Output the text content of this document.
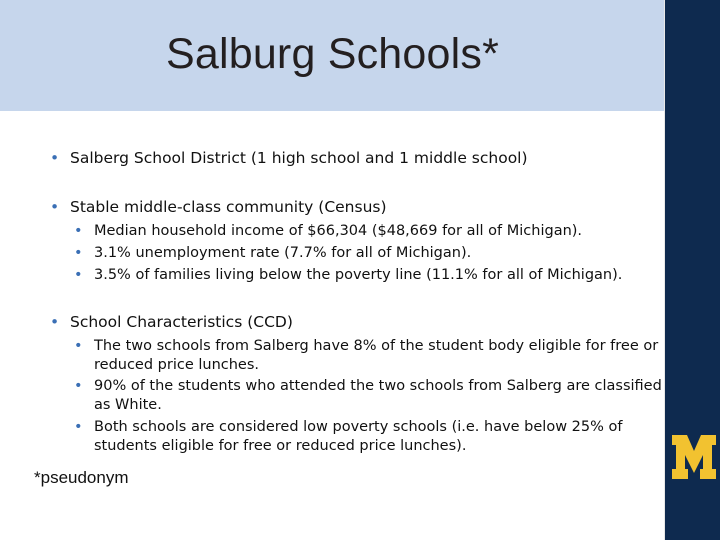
Salburg Schools*
• Salberg School District (1 high school and 1 middle school)
• Stable middle-class community (Census)
• Median household income of $66,304 ($48,669 for all of Michigan).
• 3.1% unemployment rate (7.7% for all of Michigan).
• 3.5% of families living below the poverty line (11.1% for all of Michigan).
• School Characteristics (CCD)
• The two schools from Salberg have 8% of the student body eligible for free or reduced price lunches.
• 90% of the students who attended the two schools from Salberg are classified as White.
• Both schools are considered low poverty schools (i.e. have below 25% of students eligible for free or reduced price lunches).
*pseudonym
